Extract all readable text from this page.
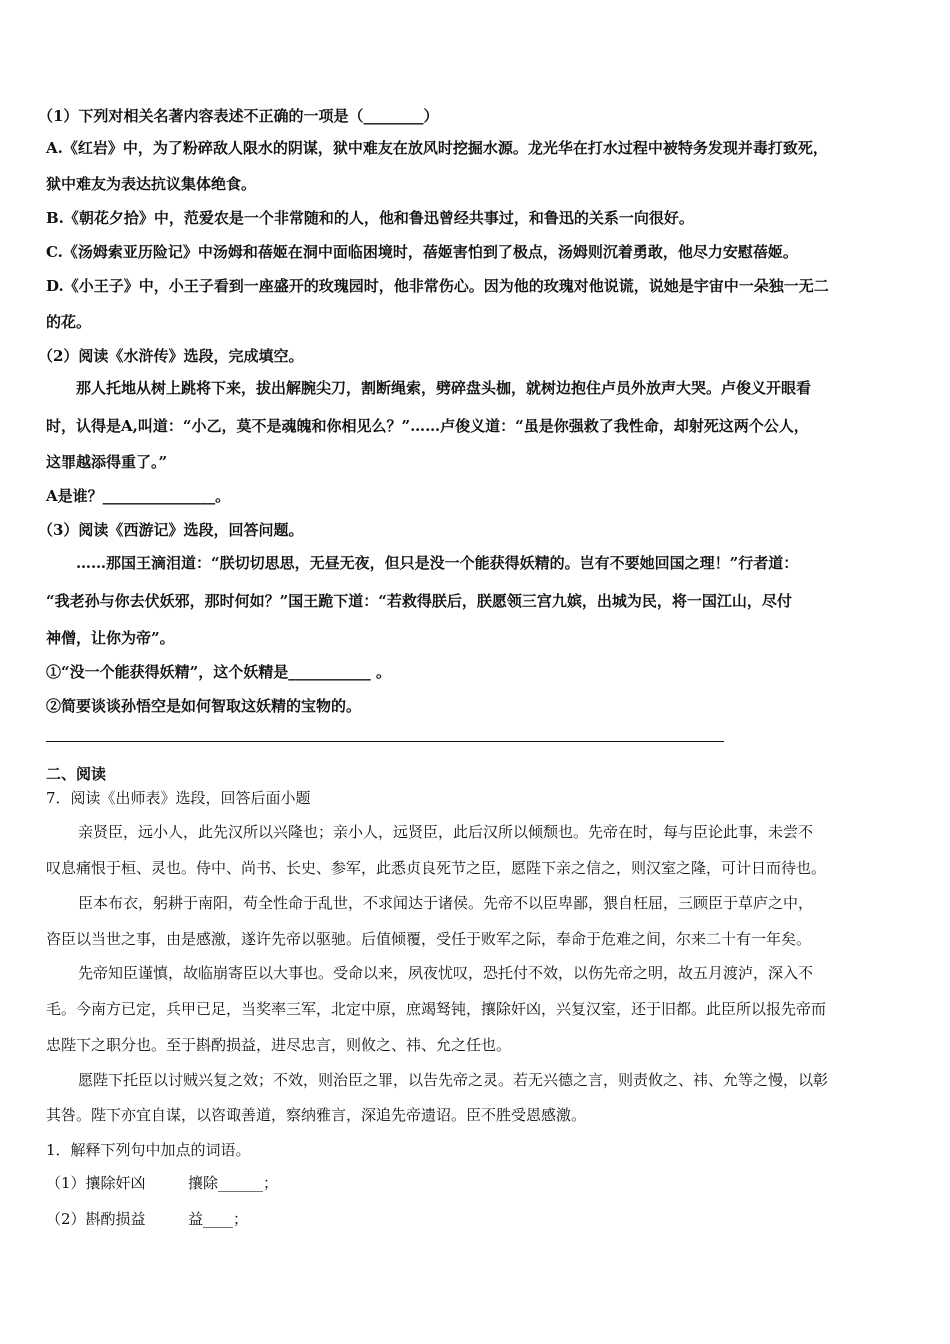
（1）下列对相关名著内容表述不正确的一项是（________）
A.《红岩》中，为了粉碎敌人限水的阴谋，狱中难友在放风时挖掘水源。龙光华在打水过程中被特务发现并毒打致死，
狱中难友为表达抗议集体绝食。
B.《朝花夕拾》中，范爱农是一个非常随和的人，他和鲁迅曾经共事过，和鲁迅的关系一向很好。
C.《汤姆索亚历险记》中汤姆和蓓姬在洞中面临困境时，蓓姬害怕到了极点，汤姆则沉着勇敢，他尽力安慰蓓姬。
D.《小王子》中，小王子看到一座盛开的玫瑰园时，他非常伤心。因为他的玫瑰对他说谎，说她是宇宙中一朵独一无二
的花。
（2）阅读《水浒传》选段，完成填空。
那人托地从树上跳将下来，拔出解腕尖刀，割断绳索，劈碎盘头枷，就树边抱住卢员外放声大哭。卢俊义开眼看
时，认得是A,叫道：“小乙，莫不是魂魄和你相见么？”……卢俊义道：“虽是你强救了我性命，却射死这两个公人，
这罪越添得重了。”
A是谁？_______________。
（3）阅读《西游记》选段，回答问题。
……那国王滴泪道：“朕切切思思，无昼无夜，但只是没一个能获得妖精的。岂有不要她回国之理！”行者道：
“我老孙与你去伏妖邪，那时何如？”国王跪下道：“若救得朕后，朕愿领三宫九嫔，出城为民，将一国江山，尽付
神僧，让你为帝”。
①“没一个能获得妖精”，这个妖精是___________ 。
②简要谈谈孙悟空是如何智取这妖精的宝物的。
二、阅读
7．阅读《出师表》选段，回答后面小题
亲贤臣，远小人，此先汉所以兴隆也；亲小人，远贤臣，此后汉所以倾颓也。先帝在时，每与臣论此事，未尝不
叹息痛恨于桓、灵也。侍中、尚书、长史、参军，此悉贞良死节之臣，愿陛下亲之信之，则汉室之隆，可计日而待也。
臣本布衣，躬耕于南阳，苟全性命于乱世，不求闻达于诸侯。先帝不以臣卑鄙，猥自枉屈，三顾臣于草庐之中，
咨臣以当世之事，由是感激，遂许先帝以驱驰。后值倾覆，受任于败军之际，奉命于危难之间，尔来二十有一年矣。
先帝知臣谨慎，故临崩寄臣以大事也。受命以来，夙夜忧叹，恐托付不效，以伤先帝之明，故五月渡泸，深入不
毛。今南方已定，兵甲已足，当奖率三军，北定中原，庶竭驽钝，攘除奸凶，兴复汉室，还于旧都。此臣所以报先帝而
忠陛下之职分也。至于斟酌损益，进尽忠言，则攸之、祎、允之任也。
愿陛下托臣以讨贼兴复之效；不效，则治臣之罪，以告先帝之灵。若无兴德之言，则责攸之、祎、允等之慢，以彰
其咎。陛下亦宜自谋，以咨诹善道，察纳雅言，深追先帝遗诏。臣不胜受恩感激。
1．解释下列句中加点的词语。
（1）攘除奸凶	攘除______；
（2）斟酌损益	益____；
